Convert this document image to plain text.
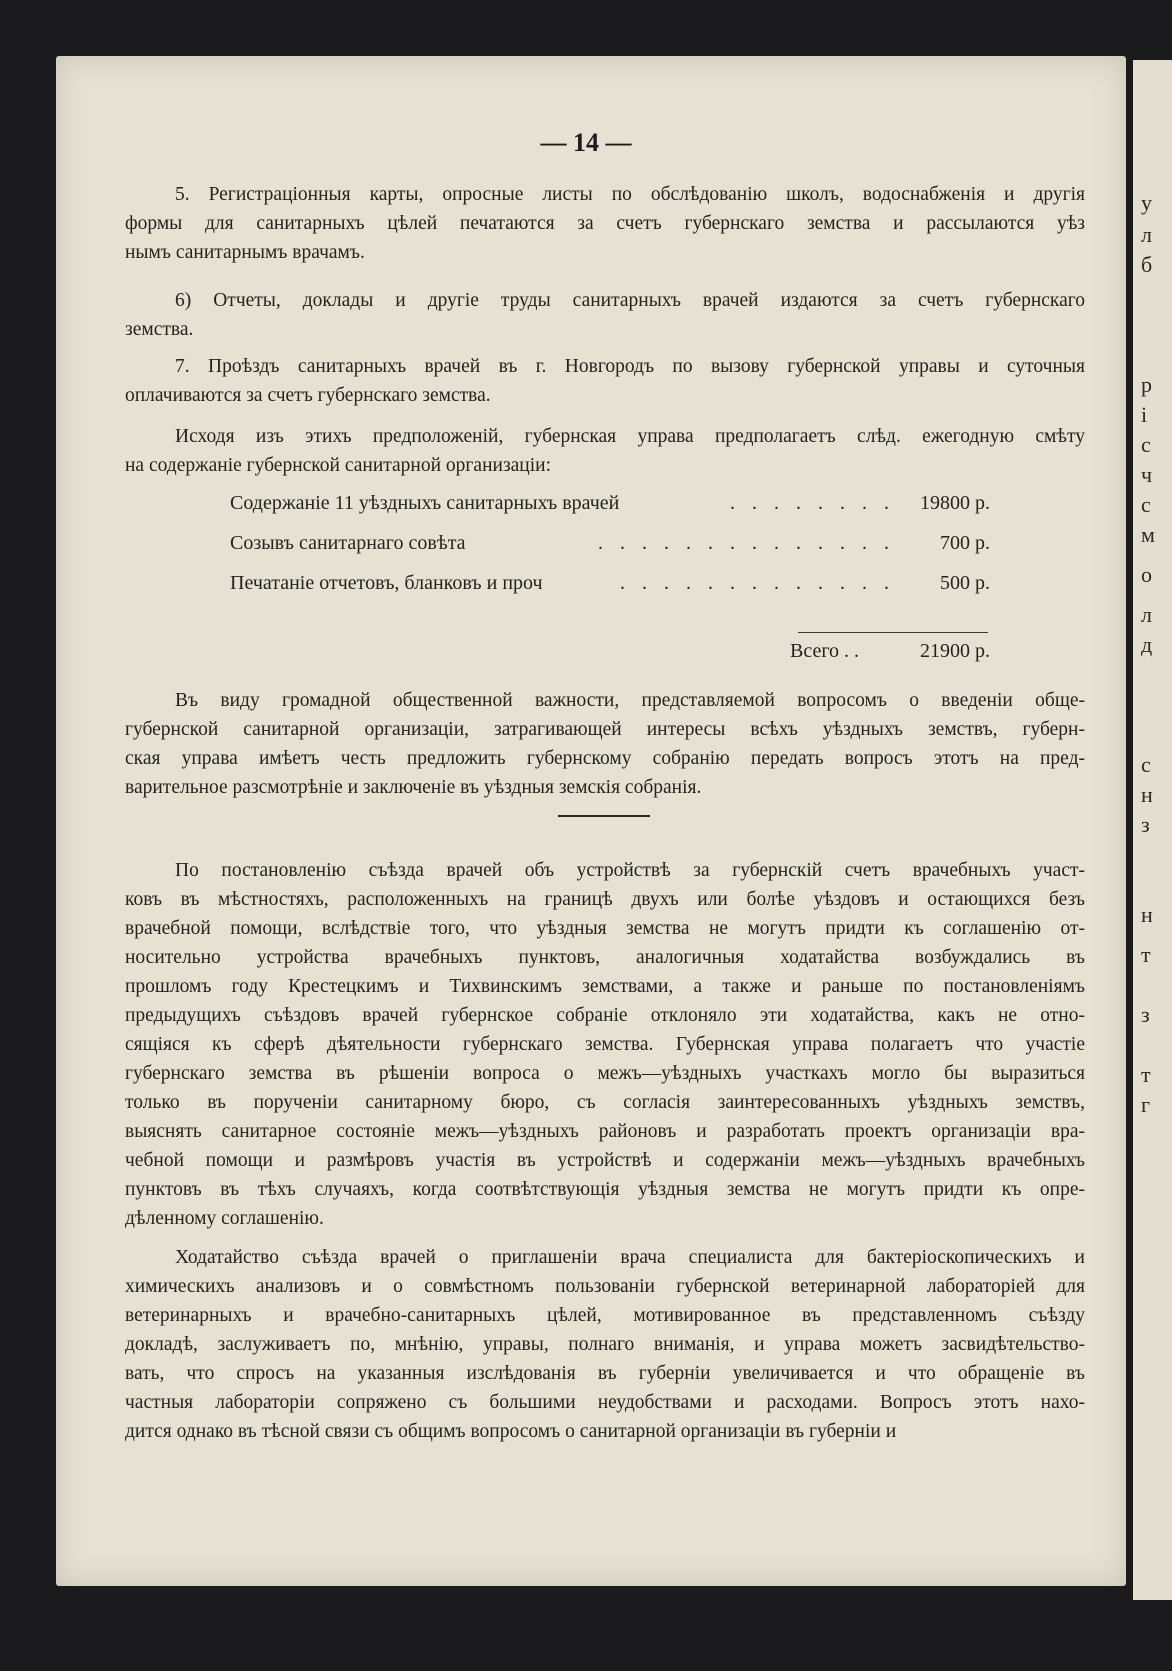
у
л
б
р
і
с
ч
с
м
о
л
д
с
н
з
н
т
з
т
г
— 14 —

5. Регистраціонныя карты, опросные листы по обслѣдованію школъ, водоснабженія и другія
формы для санитарныхъ цѣлей печатаются за счетъ губернскаго земства и рассылаются уѣз
нымъ санитарнымъ врачамъ.

6) Отчеты, доклады и другіе труды санитарныхъ врачей издаются за счетъ губернскаго
земства.

7. Проѣздъ санитарныхъ врачей въ г. Новгородъ по вызову губернской управы и суточныя
оплачиваются за счетъ губернскаго земства.

Исходя изъ этихъ предположеній, губернская управа предполагаетъ слѣд. ежегодную смѣту
на содержаніе губернской санитарной организаціи:

Содержаніе 11 уѣздныхъ санитарныхъ врачей	. . . . . . . . 19800 р.
Созывъ санитарнаго совѣта	. . . . . . . . . . . . . . 700 р.
Печатаніе отчетовъ, бланковъ и проч	. . . . . . . . . . . . . 500 р.
Всего . .	21900 р.

Въ виду громадной общественной важности, представляемой вопросомъ о введеніи обще-
губернской санитарной организаціи, затрагивающей интересы всѣхъ уѣздныхъ земствъ, губерн-
ская управа имѣетъ честь предложить губернскому собранію передать вопросъ этотъ на пред-
варительное разсмотрѣніе и заключеніе въ уѣздныя земскія собранія.

По постановленію съѣзда врачей объ устройствѣ за губернскій счетъ врачебныхъ участ-
ковъ въ мѣстностяхъ, расположенныхъ на границѣ двухъ или болѣе уѣздовъ и остающихся безъ
врачебной помощи, вслѣдствіе того, что уѣздныя земства не могутъ придти къ соглашенію от-
носительно устройства врачебныхъ пунктовъ, аналогичныя ходатайства возбуждались въ
прошломъ году Крестецкимъ и Тихвинскимъ земствами, а также и раньше по постановленіямъ
предыдущихъ съѣздовъ врачей губернское собраніе отклоняло эти ходатайства, какъ не отно-
сящіяся къ сферѣ дѣятельности губернскаго земства. Губернская управа полагаетъ что участіе
губернскаго земства въ рѣшеніи вопроса о межъ—уѣздныхъ участкахъ могло бы выразиться
только въ порученіи санитарному бюро, съ согласія заинтересованныхъ уѣздныхъ земствъ,
выяснять санитарное состояніе межъ—уѣздныхъ районовъ и разработать проектъ организаціи вра-
чебной помощи и размѣровъ участія въ устройствѣ и содержаніи межъ—уѣздныхъ врачебныхъ
пунктовъ въ тѣхъ случаяхъ, когда соотвѣтствующія уѣздныя земства не могутъ придти къ опре-
дѣленному соглашенію.

Ходатайство съѣзда врачей о приглашеніи врача специалиста для бактеріоскопическихъ и
химическихъ анализовъ и о совмѣстномъ пользованіи губернской ветеринарной лабораторіей для
ветеринарныхъ и врачебно-санитарныхъ цѣлей, мотивированное въ представленномъ съѣзду
докладѣ, заслуживаетъ по, мнѣнію, управы, полнаго вниманія, и управа можетъ засвидѣтельство-
вать, что спросъ на указанныя изслѣдованія въ губерніи увеличивается и что обращеніе въ
частныя лабораторіи сопряжено съ большими неудобствами и расходами. Вопросъ этотъ нахо-
дится однако въ тѣсной связи съ общимъ вопросомъ о санитарной организаціи въ губерніи и
